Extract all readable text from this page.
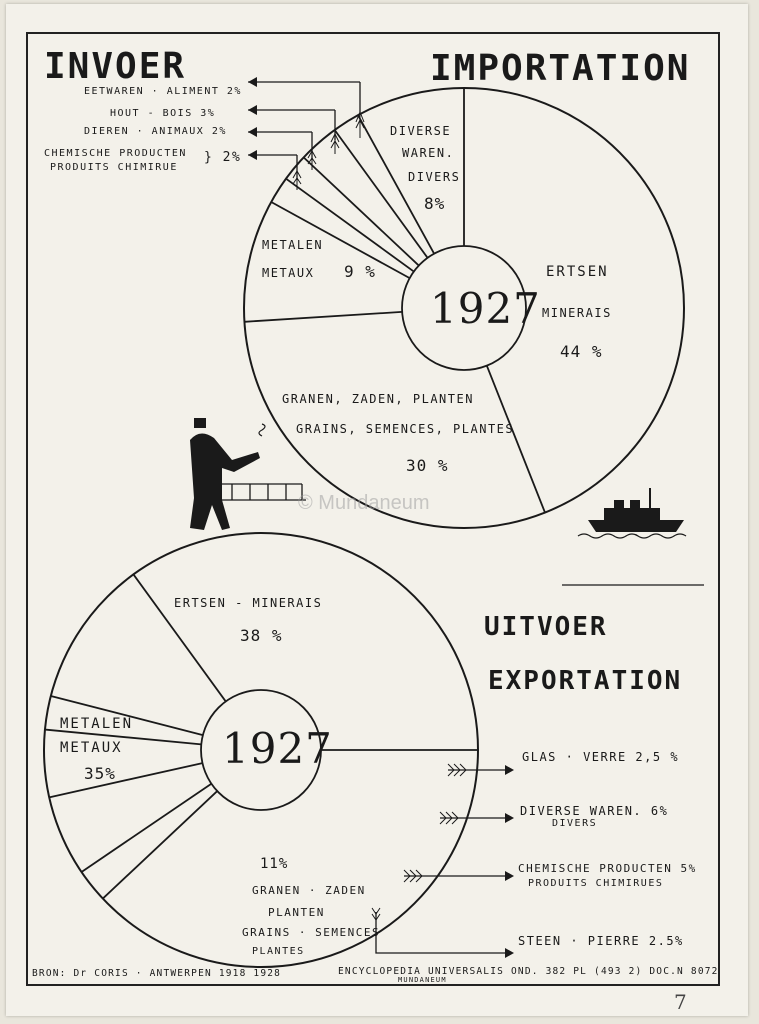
INVOER	IMPORTATION
EETWAREN · ALIMENT 2%
HOUT - BOIS 3%
DIEREN · ANIMAUX 2%
CHEMISCHE PRODUCTEN
PRODUITS CHIMIRUE
} 2%
DIVERSE
WAREN.
DIVERS
8%
METALEN
METAUX 9 %	ERTSEN
MINERAIS
44 %
1927
GRANEN, ZADEN, PLANTEN
GRAINS, SEMENCES, PLANTES
30 %
© Mundaneum
ERTSEN - MINERAIS
38 %	UITVOER
EXPORTATION
METALEN
METAUX
35%
1927
11%
GRANEN · ZADEN
PLANTEN
GRAINS · SEMENCES
PLANTES
GLAS · VERRE 2,5 %
DIVERSE WAREN. 6%
DIVERS
CHEMISCHE PRODUCTEN 5%
PRODUITS CHIMIRUES
STEEN · PIERRE 2.5%
BRON: Dr CORIS · ANTWERPEN 1918 1928	ENCYCLOPEDIA UNIVERSALIS OND. 382 PL (493 2) DOC.N 8072
MUNDANEUM
7
